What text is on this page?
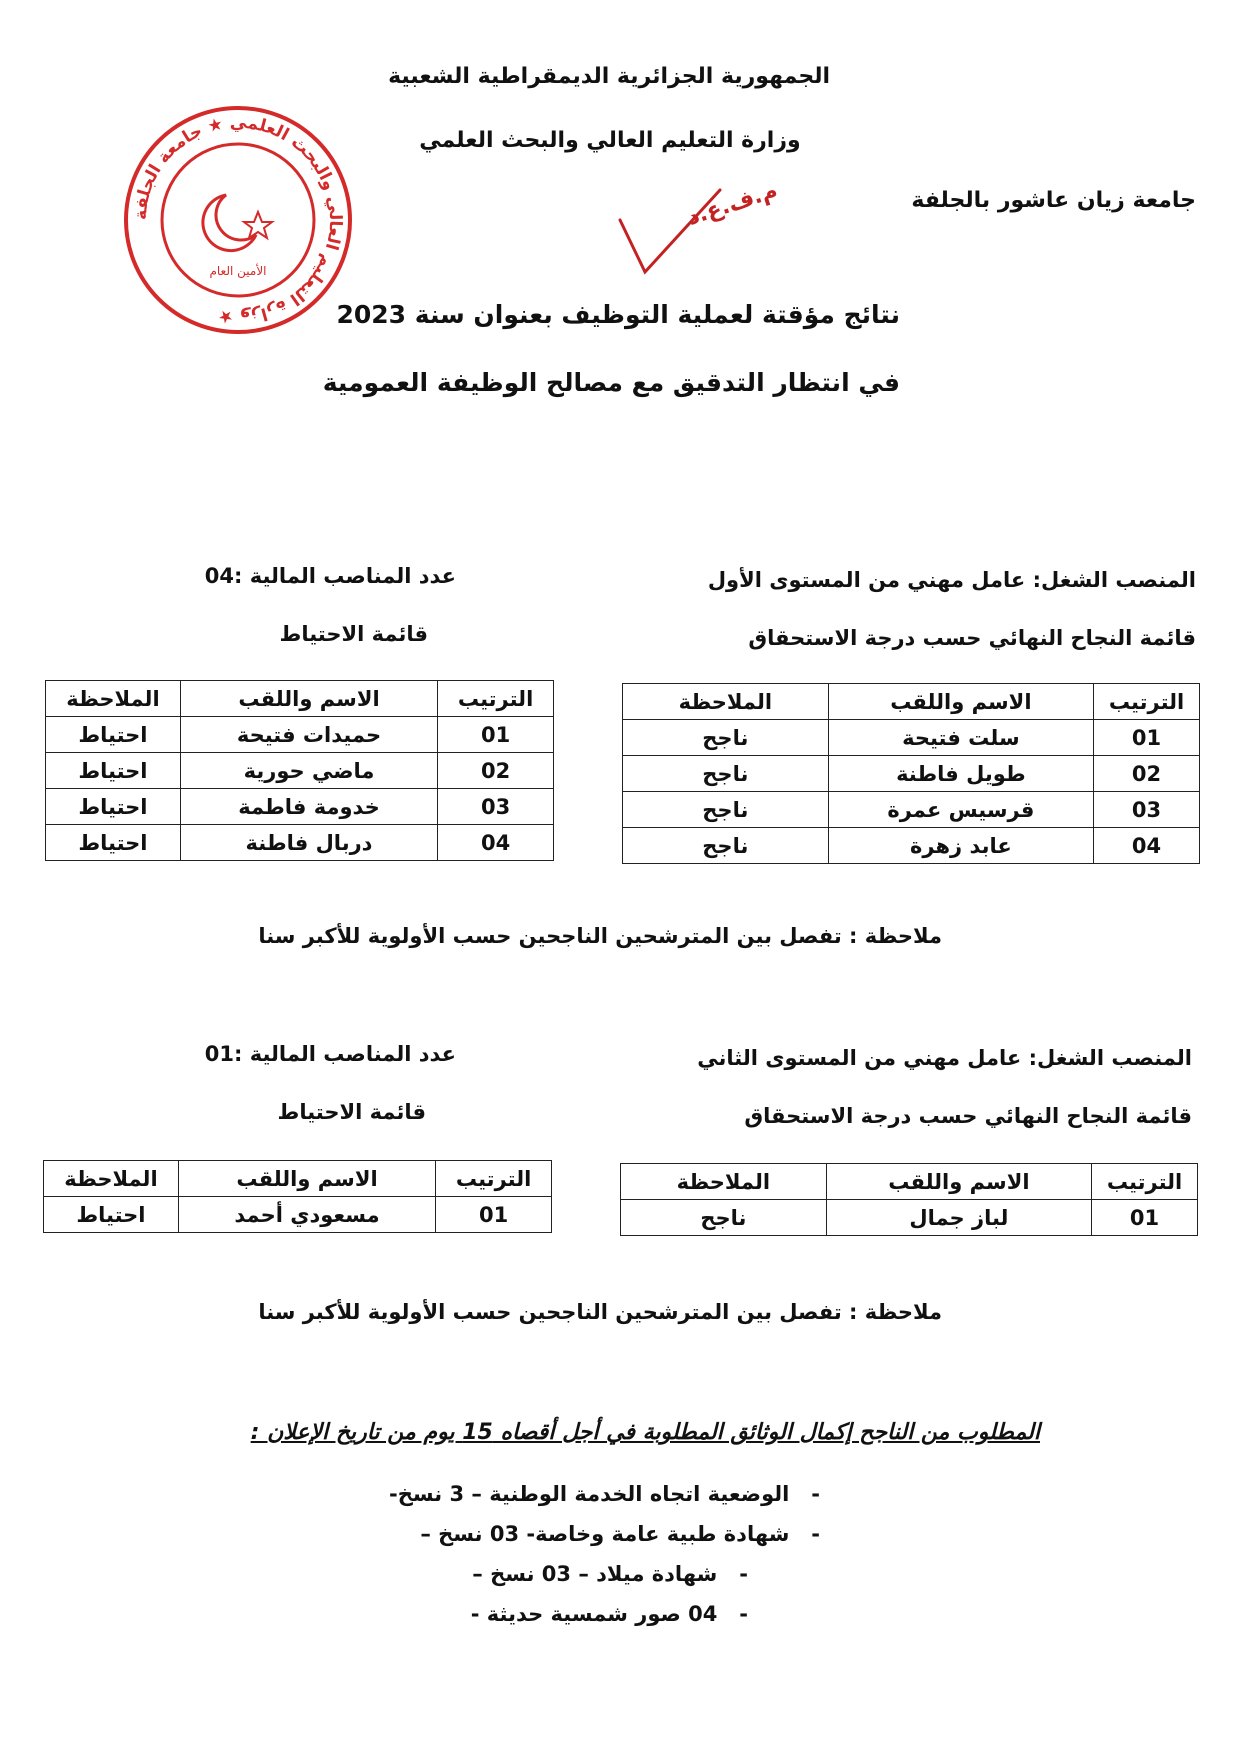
الجمهورية الجزائرية الديمقراطية الشعبية
وزارة التعليم العالي والبحث العلمي
جامعة زيان عاشور بالجلفة
وزارة التعليم العالي والبحث العلمي ★ جامعة الجلفة ★
الأمين العام
م.ف.ع.د
نتائج مؤقتة لعملية التوظيف بعنوان سنة 2023
في انتظار التدقيق مع مصالح الوظيفة العمومية
المنصب الشغل: عامل مهني من المستوى الأول
عدد المناصب المالية :04
قائمة النجاح النهائي حسب درجة الاستحقاق
قائمة الاحتياط
الترتيب	الاسم واللقب	الملاحظة
01	سلت فتيحة	ناجح
02	طويل فاطنة	ناجح
03	قرسيس عمرة	ناجح
04	عابد زهرة	ناجح
الترتيب	الاسم واللقب	الملاحظة
01	حميدات فتيحة	احتياط
02	ماضي حورية	احتياط
03	خدومة فاطمة	احتياط
04	دربال فاطنة	احتياط
ملاحظة : تفصل بين المترشحين الناجحين حسب الأولوية للأكبر سنا
المنصب الشغل: عامل مهني من المستوى الثاني
عدد المناصب المالية :01
قائمة النجاح النهائي حسب درجة الاستحقاق
قائمة الاحتياط
الترتيب	الاسم واللقب	الملاحظة
01	لباز جمال	ناجح
الترتيب	الاسم واللقب	الملاحظة
01	مسعودي أحمد	احتياط
ملاحظة : تفصل بين المترشحين الناجحين حسب الأولوية للأكبر سنا
المطلوب من الناجح إكمال الوثائق المطلوبة في أجل أقصاه 15 يوم من تاريخ الإعلان :
-   الوضعية اتجاه الخدمة الوطنية – 3 نسخ-
-   شهادة طبية عامة وخاصة- 03 نسخ –
-   شهادة ميلاد – 03 نسخ –
-   04 صور شمسية حديثة -
